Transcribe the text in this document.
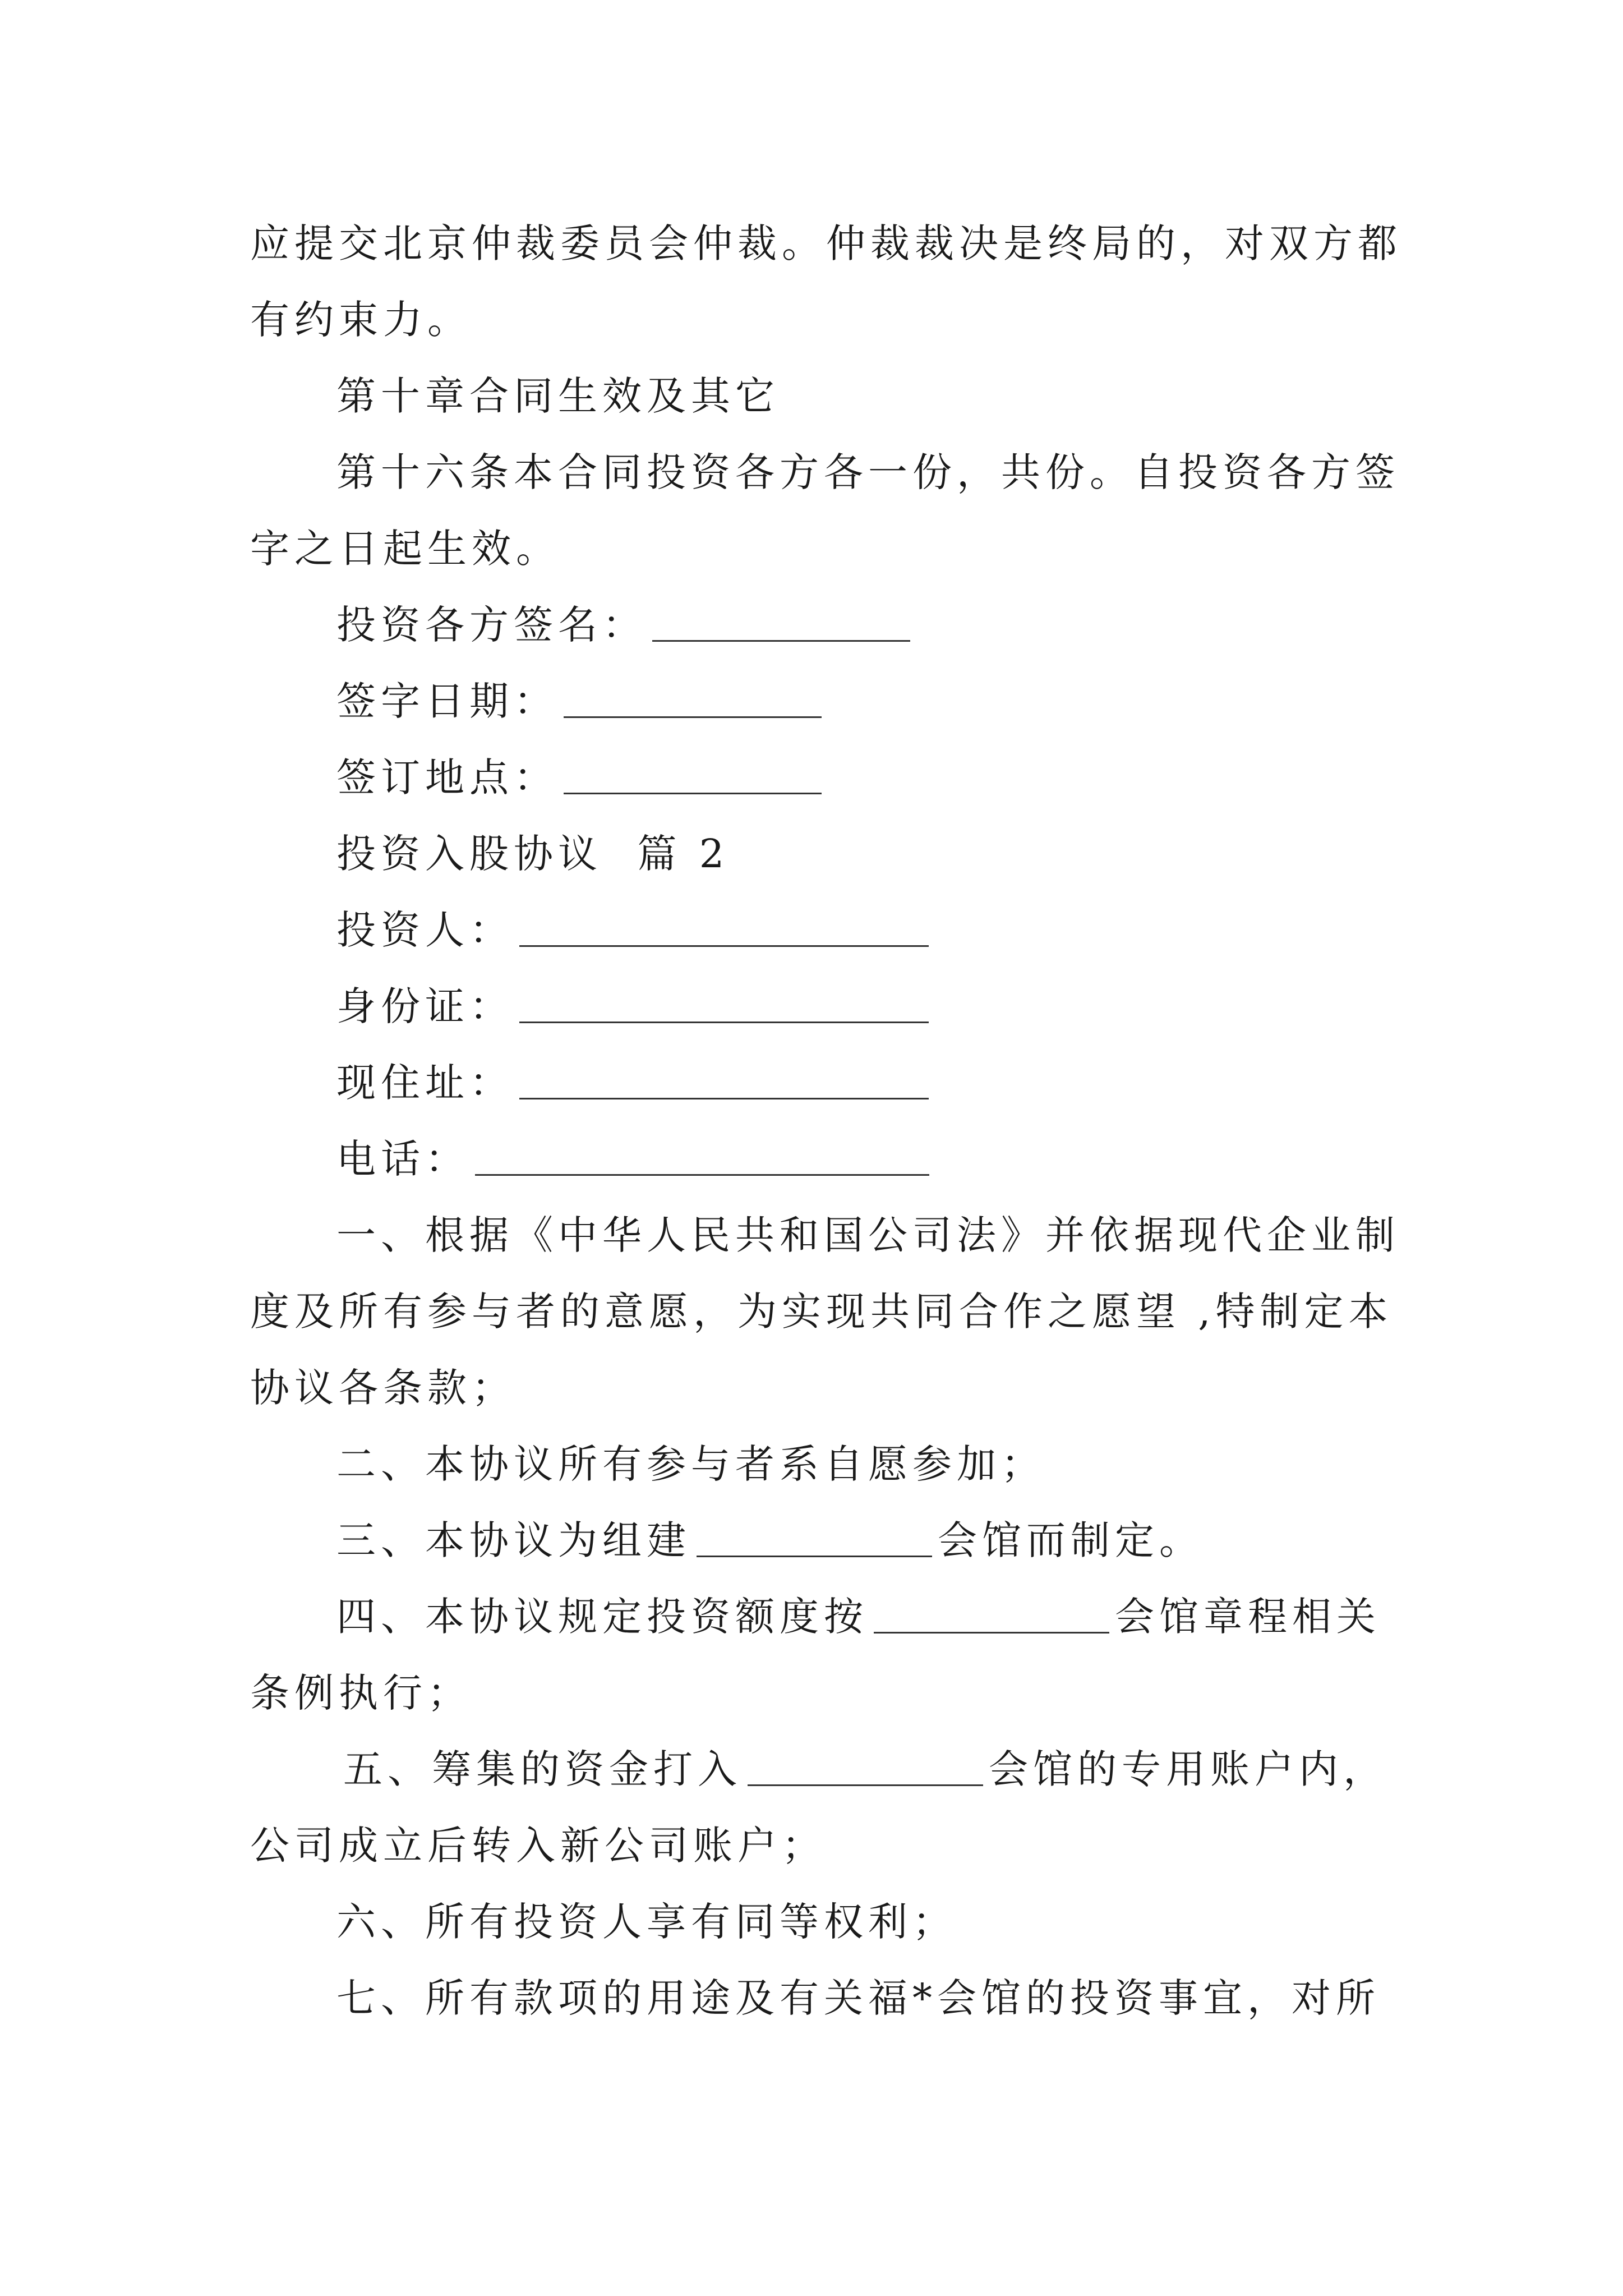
应提交北京仲裁委员会仲裁。仲裁裁决是终局的，对双方都
有约束力。
第十章合同生效及其它
第十六条本合同投资各方各一份，共份。自投资各方签
字之日起生效。
投资各方签名：
签字日期：
签订地点：
投资入股协议  篇 2
投资人：
身份证：
现住址：
电话：
一、根据《中华人民共和国公司法》并依据现代企业制
度及所有参与者的意愿，为实现共同合作之愿望 ,特制定本
协议各条款；
二、本协议所有参与者系自愿参加；
三、本协议为组建	会馆而制定。
四、本协议规定投资额度按	会馆章程相关
条例执行；
五、筹集的资金打入	会馆的专用账户内，
公司成立后转入新公司账户；
六、所有投资人享有同等权利；
七、所有款项的用途及有关福*会馆的投资事宜，对所
